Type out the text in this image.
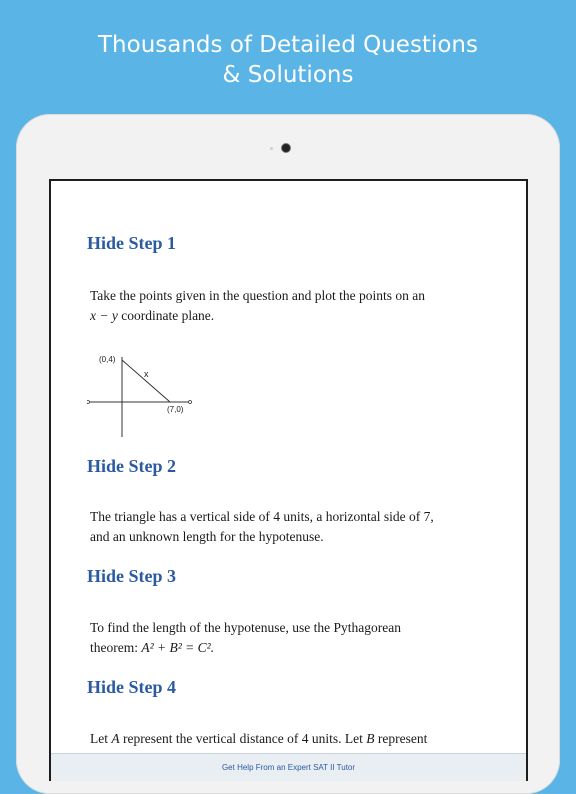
Thousands of Detailed Questions
& Solutions
Hide Step 1

Take the points given in the question and plot the points on an
x − y coordinate plane.

(0,4)
(7,0)
x
Hide Step 2

The triangle has a vertical side of 4 units, a horizontal side of 7,
and an unknown length for the hypotenuse.

Hide Step 3

To find the length of the hypotenuse, use the Pythagorean
theorem: A² + B² = C².

Hide Step 4

Let A represent the vertical distance of 4 units. Let B represent

Get Help From an Expert SAT II Tutor
